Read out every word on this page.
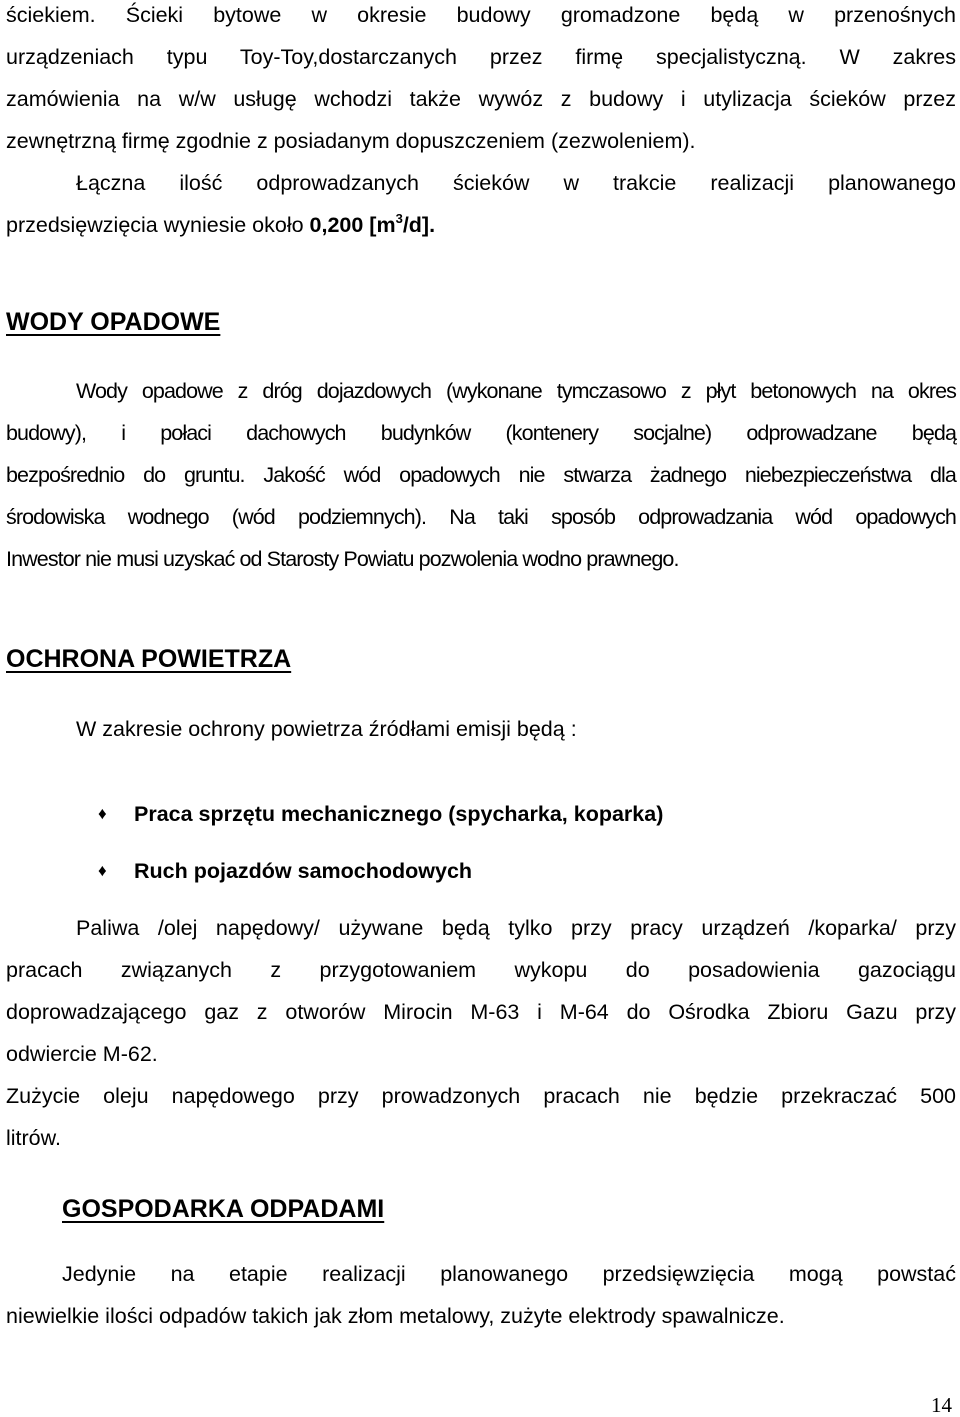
ściekiem. Ścieki bytowe w okresie budowy gromadzone będą w przenośnych
urządzeniach typu Toy-Toy,dostarczanych przez firmę specjalistyczną. W zakres
zamówienia na w/w usługę wchodzi także wywóz z budowy i utylizacja ścieków przez
zewnętrzną firmę zgodnie z posiadanym dopuszczeniem (zezwoleniem).
Łączna ilość odprowadzanych ścieków w trakcie realizacji planowanego
przedsięwzięcia wyniesie około 0,200 $[m^3/d]$.
WODY OPADOWE
Wody opadowe z dróg dojazdowych (wykonane tymczasowo z płyt betonowych na okres
budowy), i połaci dachowych budynków (kontenery socjalne) odprowadzane będą
bezpośrednio do gruntu. Jakość wód opadowych nie stwarza żadnego niebezpieczeństwa dla
środowiska wodnego (wód podziemnych). Na taki sposób odprowadzania wód opadowych
Inwestor nie musi uzyskać od Starosty Powiatu pozwolenia wodno prawnego.
OCHRONA POWIETRZA
W zakresie ochrony powietrza źródłami emisji będą :
♦ Praca sprzętu mechanicznego (spycharka, koparka)
♦ Ruch pojazdów samochodowych
Paliwa /olej napędowy/ używane będą tylko przy pracy urządzeń /koparka/ przy
pracach związanych z przygotowaniem wykopu do posadowienia gazociągu
doprowadzającego gaz z otworów Mirocin M-63 i M-64 do Ośrodka Zbioru Gazu przy
odwiercie M-62.
Zużycie oleju napędowego przy prowadzonych pracach nie będzie przekraczać 500
litrów.
GOSPODARKA ODPADAMI
Jedynie na etapie realizacji planowanego przedsięwzięcia mogą powstać
niewielkie ilości odpadów takich jak złom metalowy, zużyte elektrody spawalnicze.
14
